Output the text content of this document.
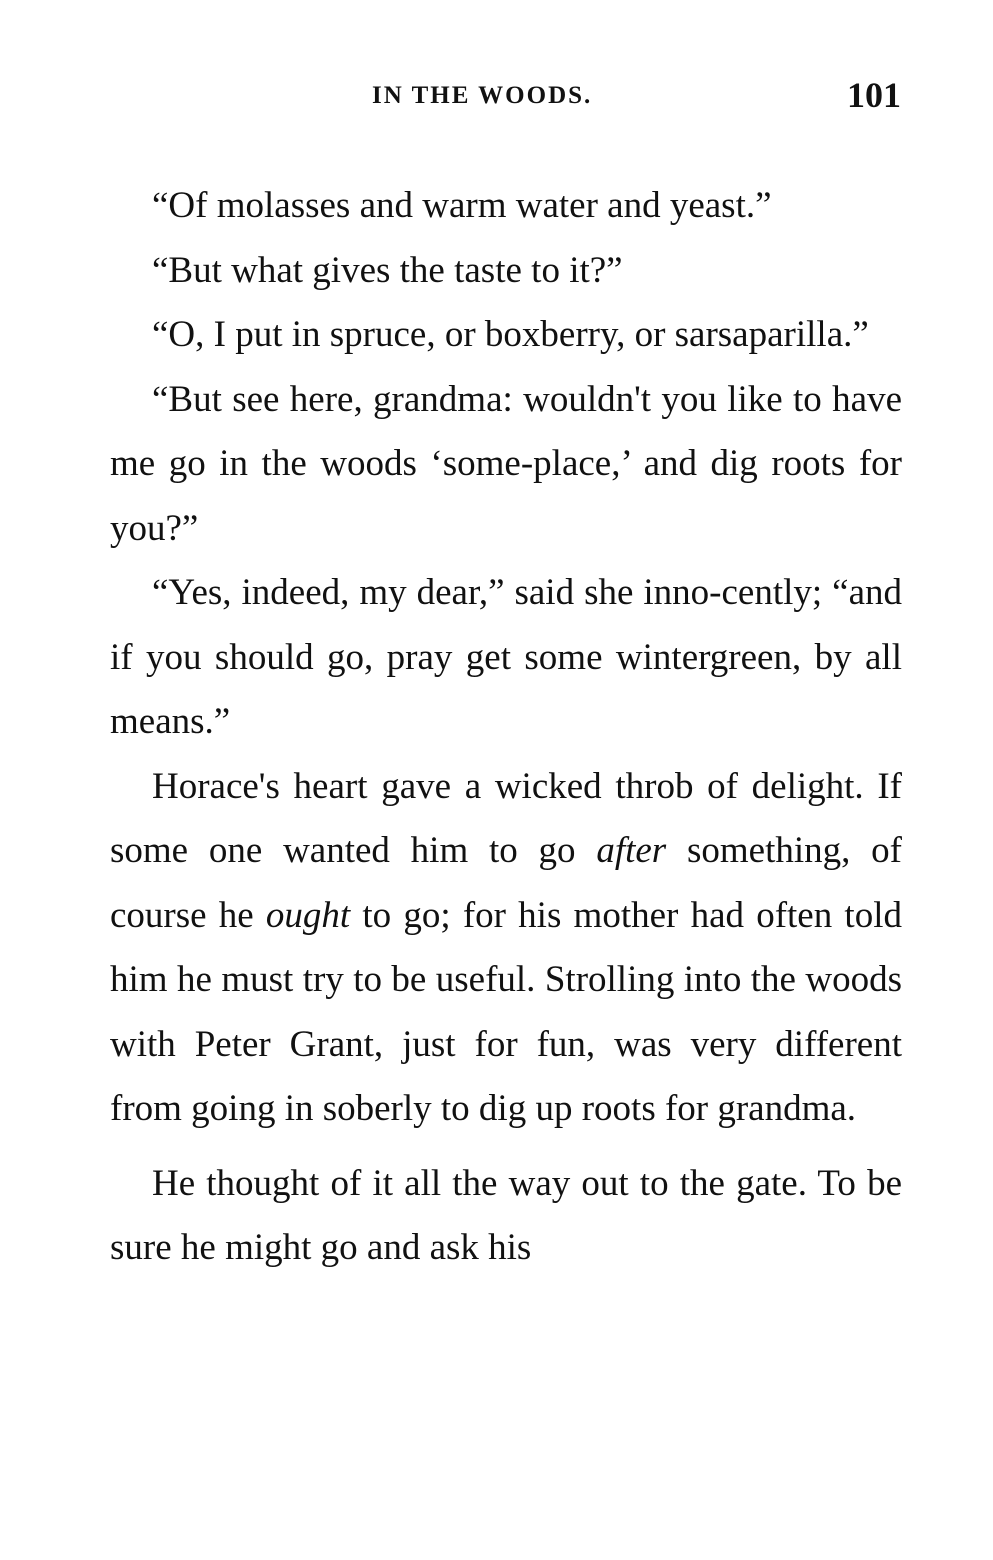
IN THE WOODS.	101

“Of molasses and warm water and yeast.”

“But what gives the taste to it?”

“O, I put in spruce, or boxberry, or sarsaparilla.”

“But see here, grandma: wouldn't you like to have me go in the woods ‘some-place,’ and dig roots for you?”

“Yes, indeed, my dear,” said she inno-cently; “and if you should go, pray get some wintergreen, by all means.”

Horace's heart gave a wicked throb of delight. If some one wanted him to go after something, of course he ought to go; for his mother had often told him he must try to be useful. Strolling into the woods with Peter Grant, just for fun, was very different from going in soberly to dig up roots for grandma.

He thought of it all the way out to the gate. To be sure he might go and ask his
